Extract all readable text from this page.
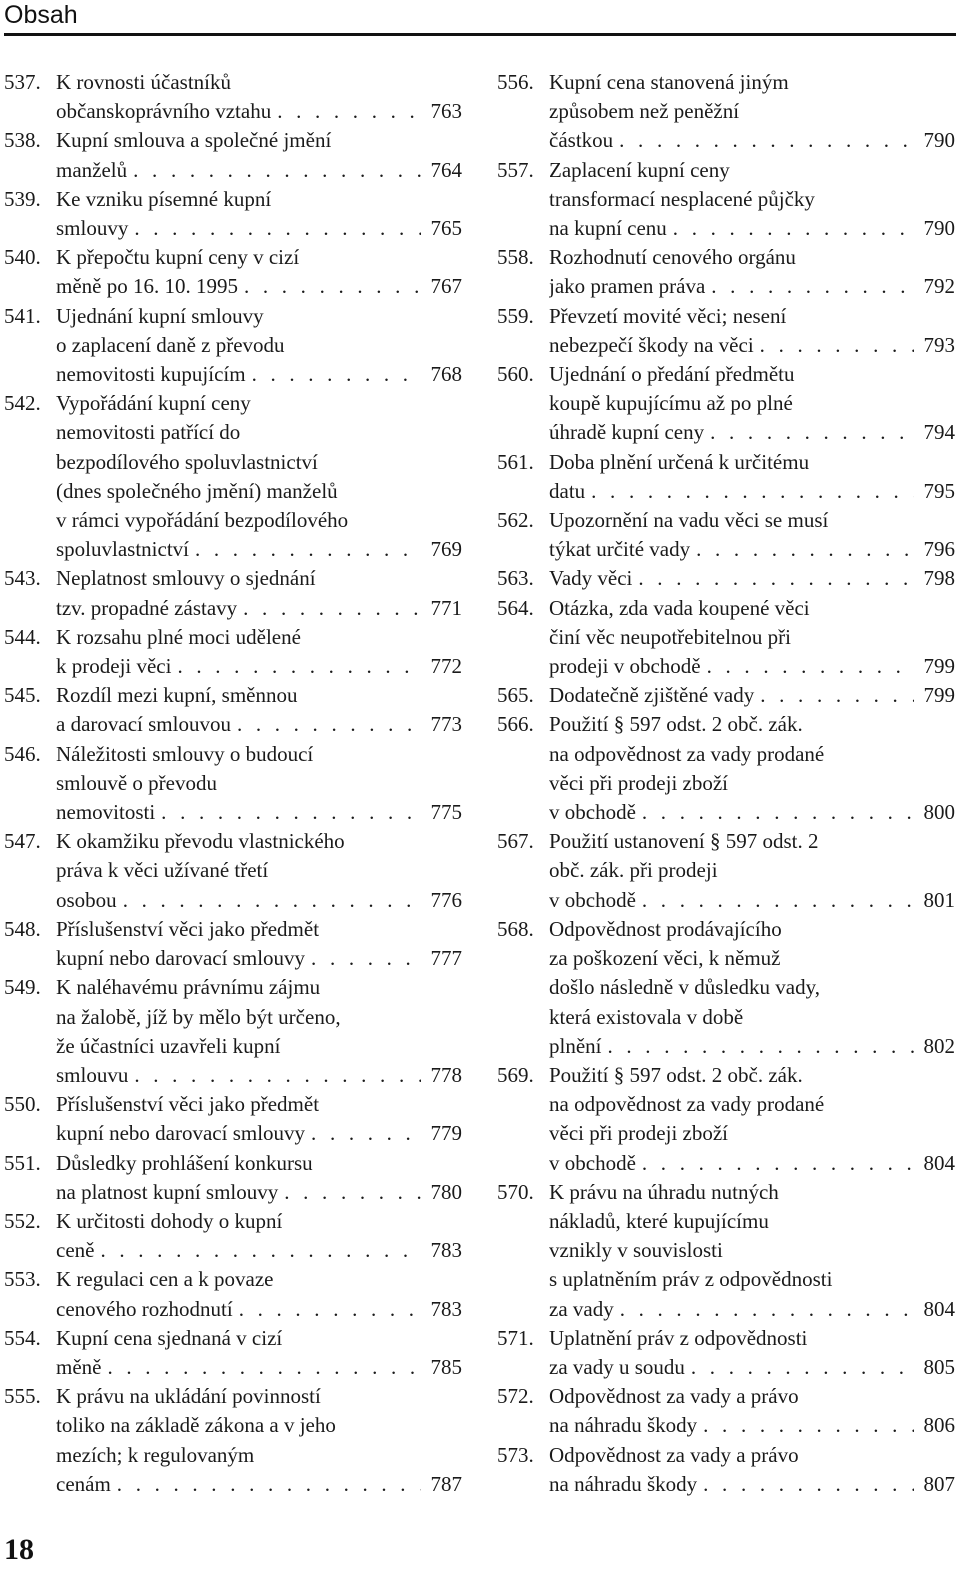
Obsah
537. K rovnosti účastníků
občanskoprávního vztahu . . .	763
538. Kupní smlouva a společné jmění
manželů . . .	764
539. Ke vzniku písemné kupní
smlouvy . . .	765
540. K přepočtu kupní ceny v cizí
měně po 16. 10. 1995 . . .	767
541. Ujednání kupní smlouvy
o zaplacení daně z převodu
nemovitosti kupujícím . . .	768
542. Vypořádání kupní ceny
nemovitosti patřící do
bezpodílového spoluvlastnictví
(dnes společného jmění) manželů
v rámci vypořádání bezpodílového
spoluvlastnictví . . .	769
543. Neplatnost smlouvy o sjednání
tzv. propadné zástavy . . .	771
544. K rozsahu plné moci udělené
k prodeji věci . . .	772
545. Rozdíl mezi kupní, směnnou
a darovací smlouvou . . .	773
546. Náležitosti smlouvy o budoucí
smlouvě o převodu
nemovitosti . . .	775
547. K okamžiku převodu vlastnického
práva k věci užívané třetí
osobou . . .	776
548. Příslušenství věci jako předmět
kupní nebo darovací smlouvy . . .	777
549. K naléhavému právnímu zájmu
na žalobě, jíž by mělo být určeno,
že účastníci uzavřeli kupní
smlouvu . . .	778
550. Příslušenství věci jako předmět
kupní nebo darovací smlouvy . . .	779
551. Důsledky prohlášení konkursu
na platnost kupní smlouvy . . .	780
552. K určitosti dohody o kupní
ceně . . .	783
553. K regulaci cen a k povaze
cenového rozhodnutí . . .	783
554. Kupní cena sjednaná v cizí
měně . . .	785
555. K právu na ukládání povinností
toliko na základě zákona a v jeho
mezích; k regulovaným
cenám . . .	787
556. Kupní cena stanovená jiným
způsobem než peněžní
částkou . . .	790
557. Zaplacení kupní ceny
transformací nesplacené půjčky
na kupní cenu . . .	790
558. Rozhodnutí cenového orgánu
jako pramen práva . . .	792
559. Převzetí movité věci; nesení
nebezpečí škody na věci . . .	793
560. Ujednání o předání předmětu
koupě kupujícímu až po plné
úhradě kupní ceny . . .	794
561. Doba plnění určená k určitému
datu . . .	795
562. Upozornění na vadu věci se musí
týkat určité vady . . .	796
563. Vady věci . . .	798
564. Otázka, zda vada koupené věci
činí věc neupotřebitelnou při
prodeji v obchodě . . .	799
565. Dodatečně zjištěné vady . . .	799
566. Použití § 597 odst. 2 obč. zák.
na odpovědnost za vady prodané
věci při prodeji zboží
v obchodě . . .	800
567. Použití ustanovení § 597 odst. 2
obč. zák. při prodeji
v obchodě . . .	801
568. Odpovědnost prodávajícího
za poškození věci, k němuž
došlo následně v důsledku vady,
která existovala v době
plnění . . .	802
569. Použití § 597 odst. 2 obč. zák.
na odpovědnost za vady prodané
věci při prodeji zboží
v obchodě . . .	804
570. K právu na úhradu nutných
nákladů, které kupujícímu
vznikly v souvislosti
s uplatněním práv z odpovědnosti
za vady . . .	804
571. Uplatnění práv z odpovědnosti
za vady u soudu . . .	805
572. Odpovědnost za vady a právo
na náhradu škody . . .	806
573. Odpovědnost za vady a právo
na náhradu škody . . .	807
18
